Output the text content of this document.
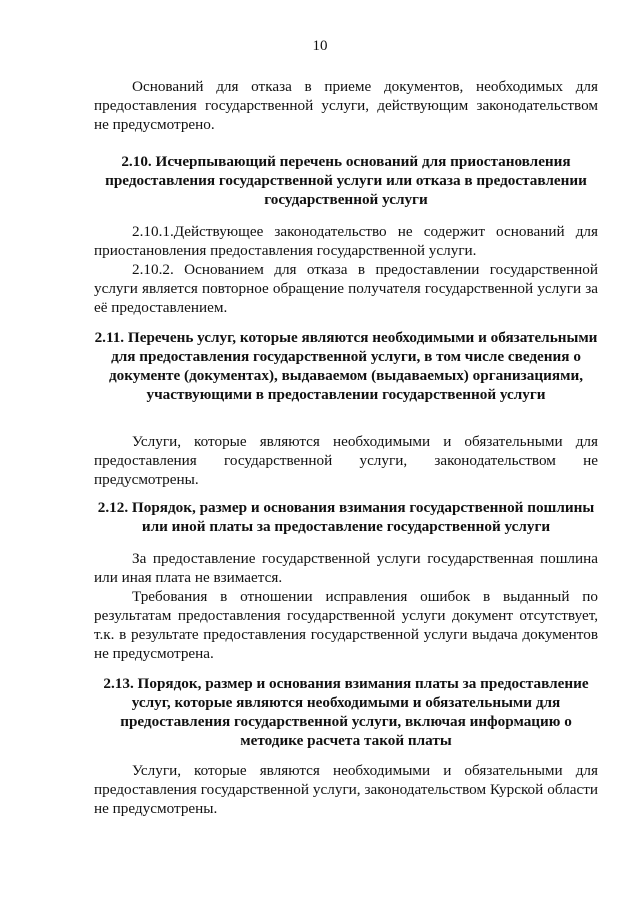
10

Оснований для отказа в приеме документов, необходимых для предоставления государственной услуги, действующим законодательством не предусмотрено.

2.10. Исчерпывающий перечень оснований для приостановления предоставления государственной услуги или отказа в предоставлении государственной услуги

2.10.1.Действующее законодательство не содержит оснований для приостановления предоставления государственной услуги.

2.10.2. Основанием для отказа в предоставлении государственной услуги является повторное обращение получателя государственной услуги за её предоставлением.

2.11. Перечень услуг, которые являются необходимыми и обязательными для предоставления государственной услуги, в том числе сведения о документе (документах), выдаваемом (выдаваемых) организациями, участвующими в предоставлении государственной услуги

Услуги, которые являются необходимыми и обязательными для предоставления государственной услуги, законодательством не предусмотрены.

2.12. Порядок, размер и основания взимания государственной пошлины или иной платы за предоставление государственной услуги

За предоставление государственной услуги государственная пошлина или иная плата не взимается.

Требования в отношении исправления ошибок в выданный по результатам предоставления государственной услуги документ отсутствует, т.к. в результате предоставления государственной услуги выдача документов не предусмотрена.

2.13. Порядок, размер и основания взимания платы за предоставление услуг, которые являются необходимыми и обязательными для предоставления государственной услуги, включая информацию о методике расчета такой платы

Услуги, которые являются необходимыми и обязательными для предоставления государственной услуги, законодательством Курской области не предусмотрены.
